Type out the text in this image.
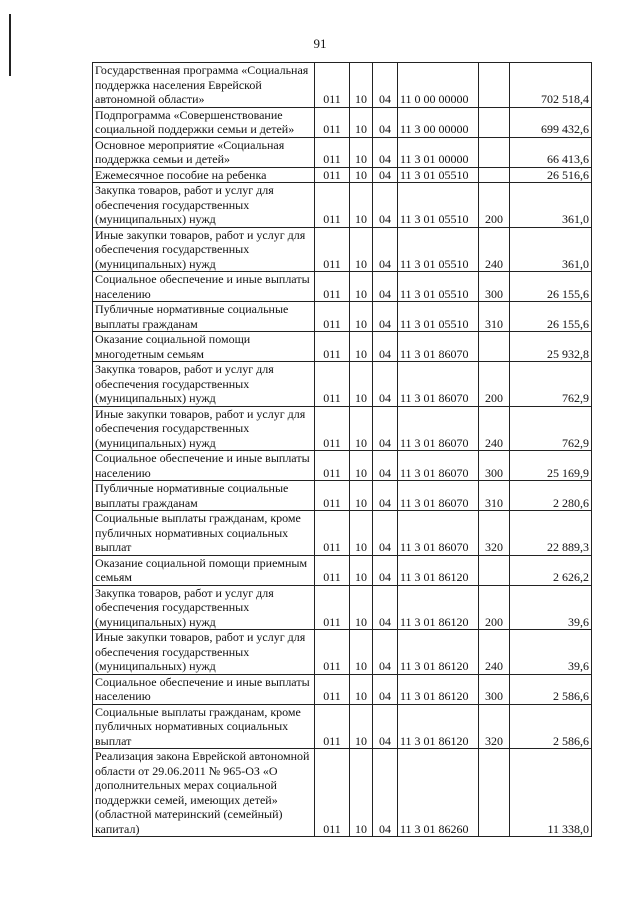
91
Государственная программа «Социальная поддержка населения Еврейской автономной области»	011	10	04	11 0 00 00000		702 518,4
Подпрограмма «Совершенствование социальной поддержки семьи и детей»	011	10	04	11 3 00 00000		699 432,6
Основное мероприятие «Социальная поддержка семьи и детей»	011	10	04	11 3 01 00000		66 413,6
Ежемесячное пособие на ребенка	011	10	04	11 3 01 05510		26 516,6
Закупка товаров, работ и услуг для обеспечения государственных (муниципальных) нужд	011	10	04	11 3 01 05510	200	361,0
Иные закупки товаров, работ и услуг для обеспечения государственных (муниципальных) нужд	011	10	04	11 3 01 05510	240	361,0
Социальное обеспечение и иные выплаты населению	011	10	04	11 3 01 05510	300	26 155,6
Публичные нормативные социальные выплаты гражданам	011	10	04	11 3 01 05510	310	26 155,6
Оказание социальной помощи многодетным семьям	011	10	04	11 3 01 86070		25 932,8
Закупка товаров, работ и услуг для обеспечения государственных (муниципальных) нужд	011	10	04	11 3 01 86070	200	762,9
Иные закупки товаров, работ и услуг для обеспечения государственных (муниципальных) нужд	011	10	04	11 3 01 86070	240	762,9
Социальное обеспечение и иные выплаты населению	011	10	04	11 3 01 86070	300	25 169,9
Публичные нормативные социальные выплаты гражданам	011	10	04	11 3 01 86070	310	2 280,6
Социальные выплаты гражданам, кроме публичных нормативных социальных выплат	011	10	04	11 3 01 86070	320	22 889,3
Оказание социальной помощи приемным семьям	011	10	04	11 3 01 86120		2 626,2
Закупка товаров, работ и услуг для обеспечения государственных (муниципальных) нужд	011	10	04	11 3 01 86120	200	39,6
Иные закупки товаров, работ и услуг для обеспечения государственных (муниципальных) нужд	011	10	04	11 3 01 86120	240	39,6
Социальное обеспечение и иные выплаты населению	011	10	04	11 3 01 86120	300	2 586,6
Социальные выплаты гражданам, кроме публичных нормативных социальных выплат	011	10	04	11 3 01 86120	320	2 586,6
Реализация закона Еврейской автономной области от 29.06.2011 № 965-ОЗ «О дополнительных мерах социальной поддержки семей, имеющих детей» (областной материнский (семейный) капитал)	011	10	04	11 3 01 86260		11 338,0
